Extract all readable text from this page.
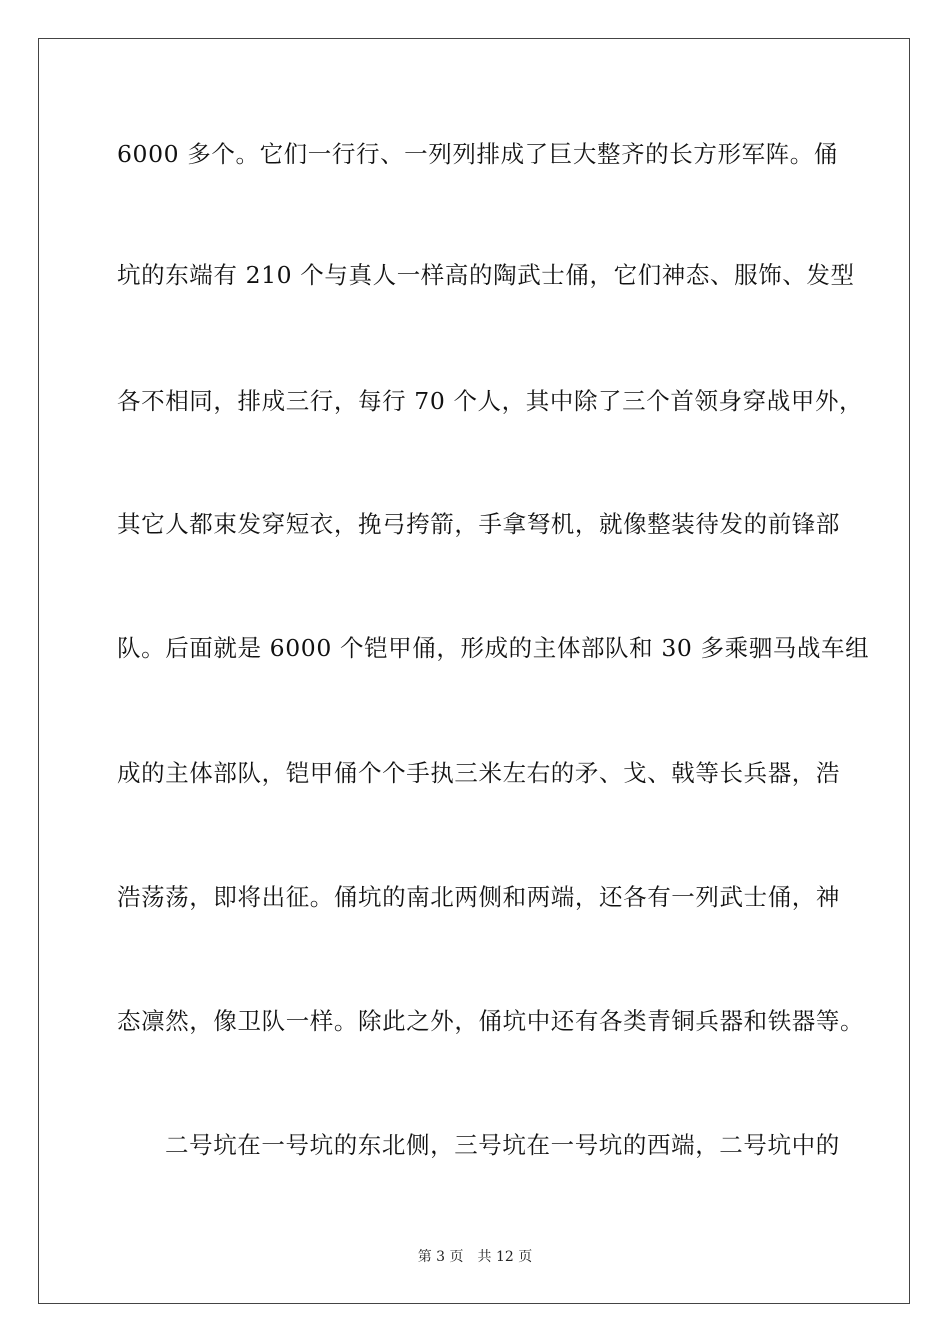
6000 多个。它们一行行、一列列排成了巨大整齐的长方形军阵。俑
坑的东端有 210 个与真人一样高的陶武士俑，它们神态、服饰、发型
各不相同，排成三行，每行 70 个人，其中除了三个首领身穿战甲外，
其它人都束发穿短衣，挽弓挎箭，手拿弩机，就像整装待发的前锋部
队。后面就是 6000 个铠甲俑，形成的主体部队和 30 多乘驷马战车组
成的主体部队，铠甲俑个个手执三米左右的矛、戈、戟等长兵器，浩
浩荡荡，即将出征。俑坑的南北两侧和两端，还各有一列武士俑，神
态凛然，像卫队一样。除此之外，俑坑中还有各类青铜兵器和铁器等。
二号坑在一号坑的东北侧，三号坑在一号坑的西端，二号坑中的
第 3 页 共 12 页
